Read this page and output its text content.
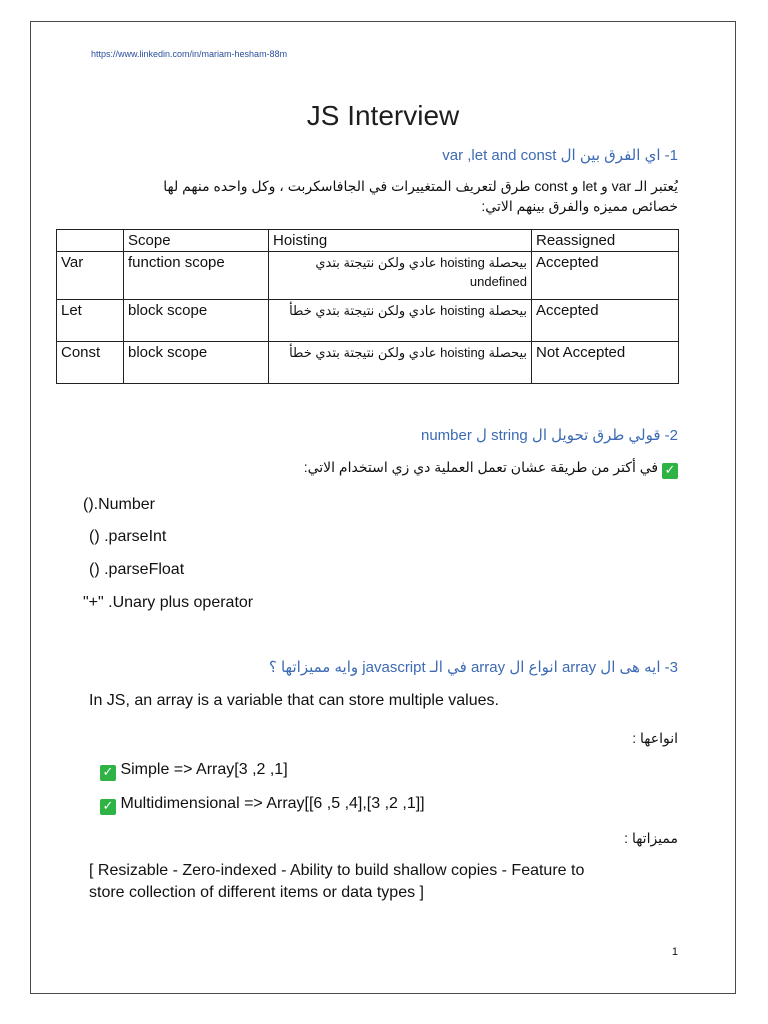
https://www.linkedin.com/in/mariam-hesham-88m
JS Interview
1- اي الفرق بين ال var ,let and const
يُعتبر الـ var و let و const طرق لتعريف المتغييرات في الجافاسكربت ، وكل واحده منهم لها
خصائص مميزه والفرق بينهم الاتي:
	Scope	Hoisting	Reassigned
Var	function scope	بيحصلة hoisting عادي ولكن نتيجتة بتدي undefined	Accepted
Let	block scope	بيحصلة hoisting عادي ولكن نتيجتة بتدي خطأ	Accepted
Const	block scope	بيحصلة hoisting عادي ولكن نتيجتة بتدي خطأ	Not Accepted
2- قولي طرق تحويل ال string ل number
✓ في أكتر من طريقة عشان تعمل العملية دي زي استخدام الاتي:
().Number
() .parseInt
() .parseFloat
"+" .Unary plus operator
3- ايه هى ال array انواع ال array في الـ javascript وايه مميزاتها ؟
In JS, an array is a variable that can store multiple values.
انواعها :
✓ Simple => Array[3 ,2 ,1]
✓ Multidimensional => Array[[6 ,5 ,4],[3 ,2 ,1]]
مميزاتها :
[ Resizable - Zero-indexed - Ability to build shallow copies - Feature to
store collection of different items or data types ]
1
